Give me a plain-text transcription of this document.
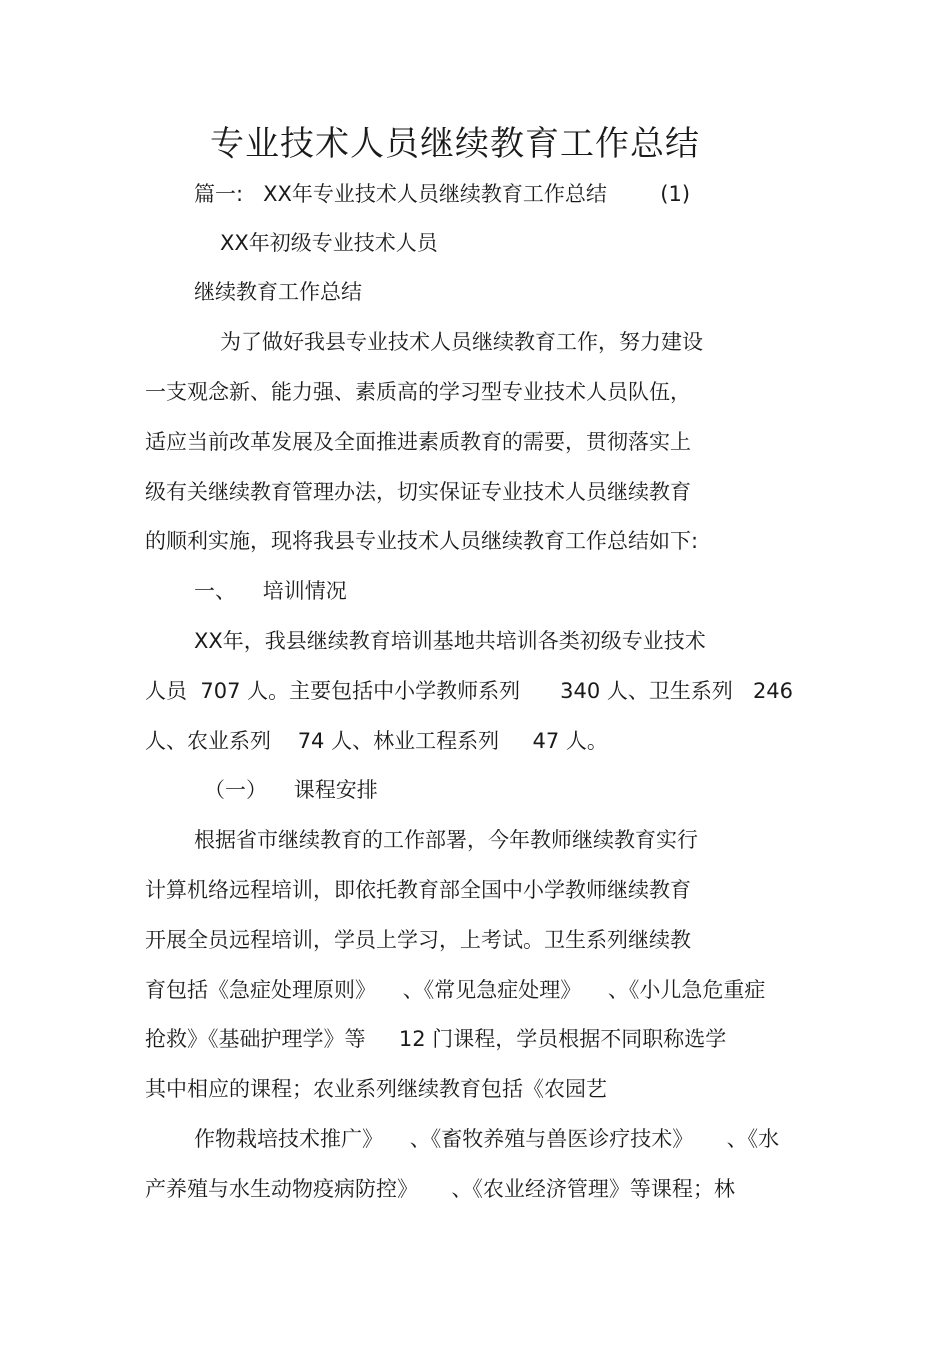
专业技术人员继续教育工作总结
篇一:   XX年专业技术人员继续教育工作总结        (1)
XX年初级专业技术人员
继续教育工作总结
为了做好我县专业技术人员继续教育工作，努力建设
一支观念新、能力强、素质高的学习型专业技术人员队伍，
适应当前改革发展及全面推进素质教育的需要，贯彻落实上
级有关继续教育管理办法，切实保证专业技术人员继续教育
的顺利实施，现将我县专业技术人员继续教育工作总结如下:
一、    培训情况
XX年，我县继续教育培训基地共培训各类初级专业技术
人员  707 人。主要包括中小学教师系列      340 人、卫生系列   246
人、农业系列    74 人、林业工程系列     47 人。
（一）    课程安排
根据省市继续教育的工作部署，今年教师继续教育实行
计算机络远程培训，即依托教育部全国中小学教师继续教育
开展全员远程培训，学员上学习，上考试。卫生系列继续教
育包括《急症处理原则》    、《常见急症处理》    、《小儿急危重症
抢救》《基础护理学》等     12 门课程，学员根据不同职称选学
其中相应的课程；农业系列继续教育包括《农园艺
作物栽培技术推广》    、《畜牧养殖与兽医诊疗技术》     、《水
产养殖与水生动物疫病防控》     、《农业经济管理》等课程；林
